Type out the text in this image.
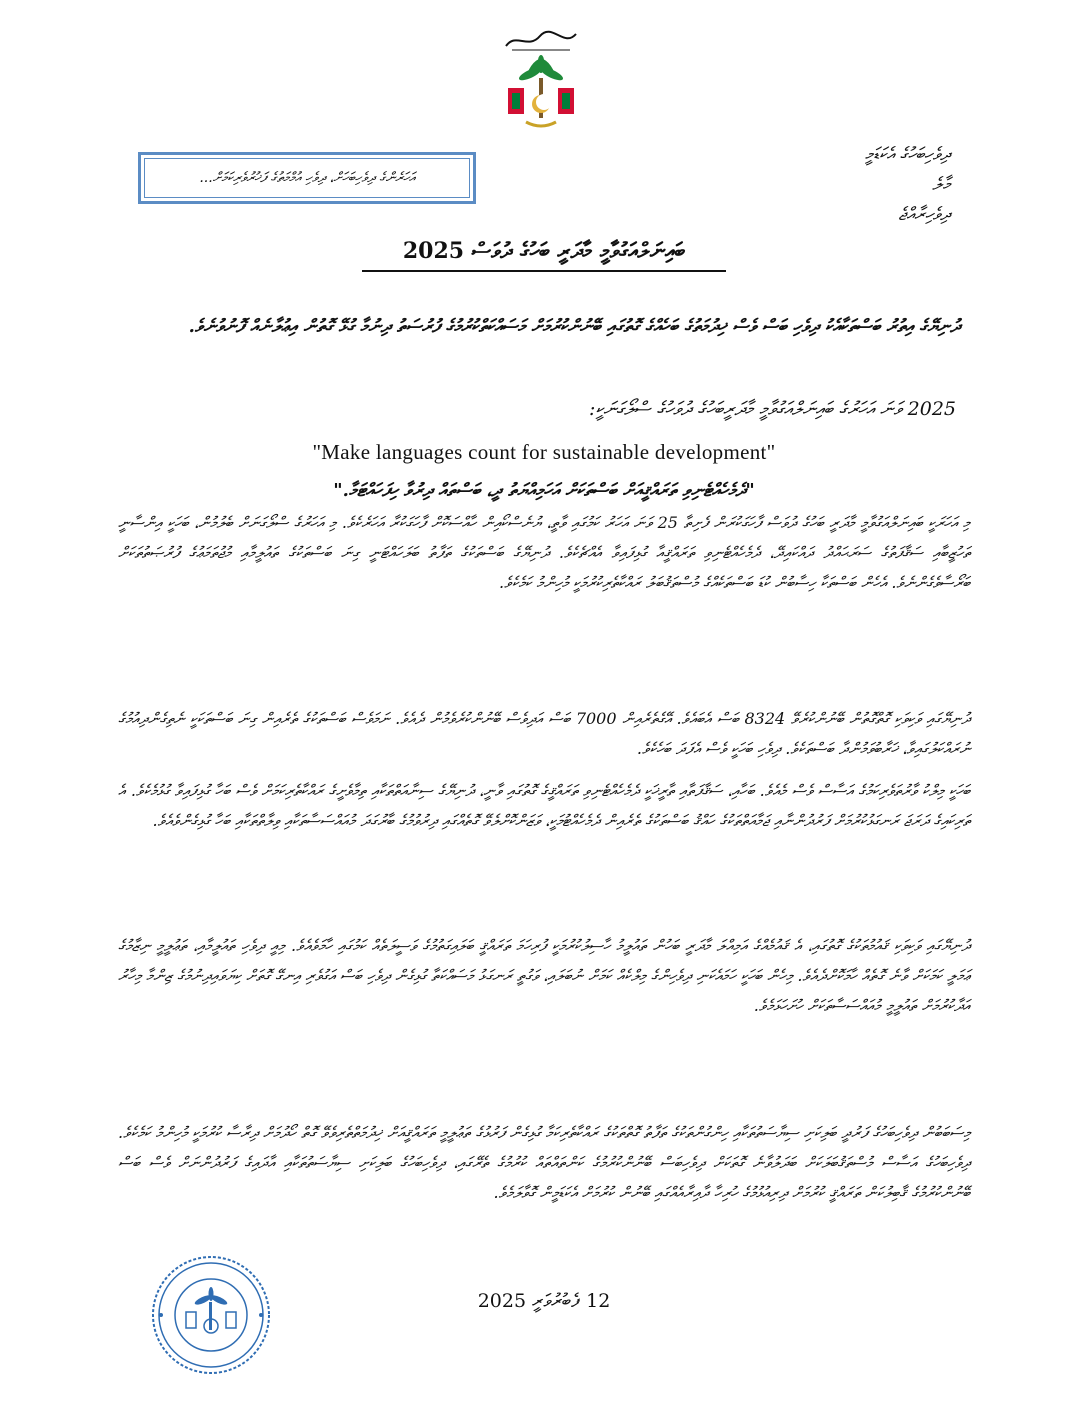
ދިވެހިބަހުގެ އެކަޑަމީ
މާލެ
ދިވެހިރާއްޖެ
އަހަރެންގެ ދިވެހިބަހަށް، ދިވެހި އުމްމަތުގެ ފަޚުރުވެރިކަމަށް...
ބައިނަލްއަގުވާމީ މާދަރީ ބަހުގެ ދުވަސް 2025
ދުނިޔޭގެ އިތުރު ބަސްތަކާއެކު ދިވެހި ބަސް ވެސް ޚިދުމަތުގެ ބަހެއްގެ ގޮތުގައި ބޭނުންކުރުމަށް މަސައްކަތްކުރުމުގެ ފުރުސަތު ދިނުމާ ގުޅޭ ގޮތުން އިޢުލާނެއް ފޮނުވުނެވެ.
2025 ވަނަ އަހަރުގެ ބައިނަލްއަގުވާމީ މާދަރީބަހުގެ ދުވަހުގެ ސްލޯގަނަކީ:
"Make languages count for sustainable development"
"ދެމެހެއްޓެނިވި ތަރައްޤީއަށް ބަސްތަކަށް އަހަމިއްޔަތު ދީ، ބަސްތައް ދިރުވާ ހިފަހައްޓަމާ."
މި އަހަރަކީ ބައިނަލްއަގުވާމީ މާދަރީ ބަހުގެ ދުވަސް ފާހަގަކުރަން ފެށިތާ 25 ވަނަ އަހަރު ކަމުގައި ވާތީ، ޔުނެސްކޯއިން ހާއްސަކޮށް ފާހަގަކުރާ އަހަރެކެވެ. މި އަހަރުގެ ސްލޯގަނަށް ބެލުމުން، ބަހަކީ އިންސާނީ ތަހުޒީބާއި ސަޤާފަތުގެ ސަރަޙައްދު ދައްކައިދޭ، ދެމެހެއްޓެނިވި ތަރައްޤީއާ ގުޅިފައިވާ އެއްޗެކެވެ. ދުނިޔޭގެ ބަސްތަކުގެ ތަފާތު ބަލަހައްޓަނީ ގިނަ ބަސްތަކުގެ ތައުލީމާއި މުޖުތަމަޢުގެ ފުރުޞަތުތަކަށް ބަރޯސާވެގެންނެވެ. އެހެން ބަސްތަކާ ހިސާބުން ކުޑަ ބަސްތަކެއްގެ މުސްތަޤުބަލު ރައްކާތެރިކުރުމަކީ މުހިންމު ކަމެކެވެ.
ދުނިޔޭގައި ވަކިވަކި ގޮތްގޮތުން ބޭނުންކުރެވޭ 8324 ބަސް އެބައެވެ. އޭގެތެރެއިން 7000 ބަސް އަދިވެސް ބޭނުންކުރެވެމުން ދެއެވެ. ނަމަވެސް ބަސްތަކުގެ ތެރެއިން ގިނަ ބަސްތަކަކީ ނެތިގެންދިއުމުގެ ނުރައްކަލުގައިވާ، ޚަރާބުވަމުންދާ ބަސްތަކެވެ. ދިވެހި ބަހަކީ ވެސް އެފަދަ ބަހެކެވެ.
ބަހަކީ މިލްކު ވާރުތަވެރިކަމުގެ އަސާސް ވެސް މެއެވެ. ބަހާއި، ސަޤާފަތާއި ތާރީޚަކީ ދެމެހެއްޓެނިވި ތަރައްޤީގެ ގޮތުގައި ވާނީ، ދުނިޔޭގެ ސިނާއަތްތަކާއި ތިމާވެށީގެ ރައްކާތެރިކަމަށް ވެސް ބަހާ ގުޅިފައިވާ ގުޅުމެކެވެ. އެ ތަރިކައިގެ ދަރަޖަ ރަނގަޅުކުރުމަށް ފަރުދުންނާއި ޖަމާއަތްތަކުގެ ހައްޤު ބަސްތަކުގެ ތެރެއިން ދެމެހެއްޓުމަކީ، ވަޒަންކޮށްލެވޭ ގޮތެއްގައި ދިރުވުމުގެ ބާރުގަދަ މުއައްސަސާތަކާއި ވިލާތްތަކާއި ބަހާ ގުޅިގެންވެއެވެ.
ދުނިޔޭގައި ވަކިވަކި ޤައުމުތަކުގެ ގޮތުގައި، އެ ޤައުމެއްގެ އަމިއްލަ މާދަރީ ބަހުން ތައުލީމު ހާސިލުކުރުމަކީ ފުރިހަމަ ތަރައްޤީ ބަލައިގަތުމުގެ ވަސީލަތެއް ކަމުގައި ހާމަވެއެވެ. މިއީ ދިވެހި ތައުލީމާއި، ތަޢުލީމީ ނިޒާމުގެ ޢަމަލީ ކަމަކަށް ވާނެ ގޮތެއް ހާމަކޮށްދެއެވެ. މިހެން ބަހަކީ ހަމައެކަނި ދިވެހިންގެ މިލްކެއް ކަމަށް ނުބަލައި، ވަގުތީ ރަނގަޅު މަސައްކަތާ ގުޅިގެން ދިވެހި ބަސް އަގުވެރި އިނގޭ ގޮތަށް ކިޔަވައިދިނުމުގެ ޒިންމާ މިހާރު އަދާކުރުމަށް ތައުލީމީ މުއައްސަސާތަކަށް ހުށަހަޅަމެވެ.
މިސަބަބުން ދިވެހިބަހުގެ ފަރުދީ ބަލިކަށި ސިޔާސަތުތަކާއި ހިންގުންތަކުގެ ތަފާތު ގޮތްތަކުގެ ރައްކާތެރިކަމާ ގުޅިގެން ފަރުޅުގެ ތަޢުލީމީ ތަރައްޤީއަށް ޚިދުމަތްތެރިވެވޭ ގޮތް ހޯދުމަށް ދިރާސާ ކުރުމަކީ މުހިންމު ކަމެކެވެ. ދިވެހިބަހުގެ އަސާސް މުސްތަޤުބަލަކަށް ބަދަލުވާނެ ގޮތަކަށް ދިވެހިބަސް ބޭނުންކުރުމުގެ ކަންތައްތައް ކުރުމުގެ ތެރޭގައި، ދިވެހިބަހުގެ ބަލިކަށި ސިޔާސަތުތަކާއި އާދައިގެ ފަރުދުންނަށް ވެސް ބަސް ބޭނުންކުރުމުގެ ޤާބިލުކަން ތަރައްޤީ ކުރުމަށް ދިރިއުޅުމުގެ ހުރިހާ ދާއިރާއެއްގައި ބޭނުން ކުރުމަށް އެކަޑަމީން ގޮވާލަމެވެ.
12 ފެބުރުވަރީ 2025
